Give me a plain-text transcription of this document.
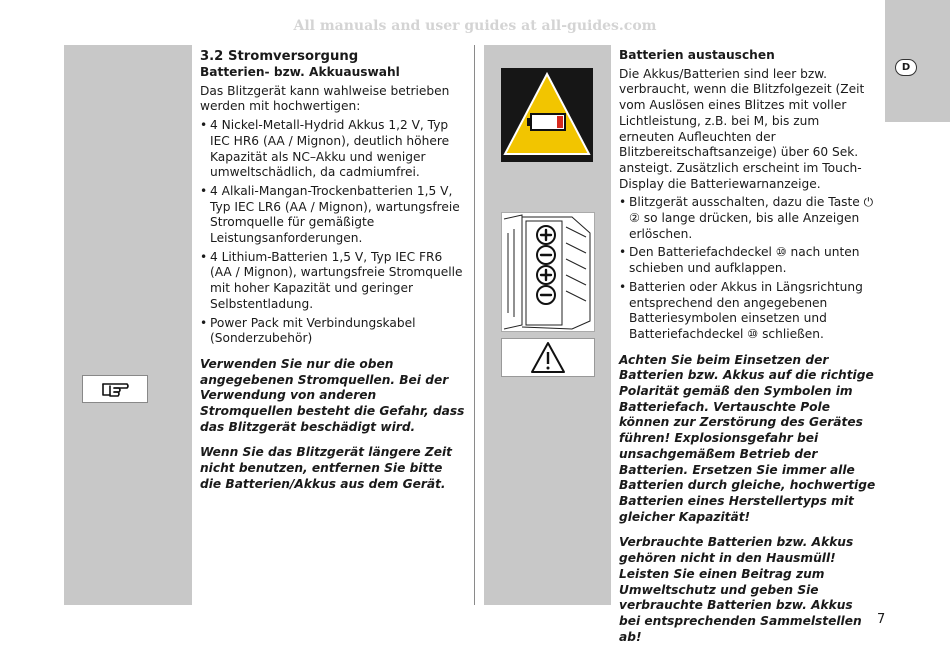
All manuals and user guides at all-guides.com
D

3.2 Stromversorgung

Batterien- bzw. Akkuauswahl

Das Blitzgerät kann wahlweise betrieben werden mit hochwertigen:

• 4 Nickel-Metall-Hydrid Akkus 1,2 V, Typ IEC HR6 (AA / Mignon), deutlich höhere Kapazität als NC–Akku und weniger umweltschädlich, da cadmiumfrei.
• 4 Alkali-Mangan-Trockenbatterien 1,5 V, Typ IEC LR6 (AA / Mignon), wartungsfreie Stromquelle für gemäßigte Leistungsanforderungen.
• 4 Lithium-Batterien 1,5 V, Typ IEC FR6 (AA / Mignon), wartungsfreie Stromquelle mit hoher Kapazität und geringer Selbstentladung.
• Power Pack mit Verbindungskabel (Sonderzubehör)

Verwenden Sie nur die oben angegebenen Stromquellen. Bei der Verwendung von anderen Stromquellen besteht die Gefahr, dass das Blitzgerät beschädigt wird.

Wenn Sie das Blitzgerät längere Zeit nicht benutzen, entfernen Sie bitte die Batterien/Akkus aus dem Gerät.

Batterien austauschen

Die Akkus/Batterien sind leer bzw. verbraucht, wenn die Blitzfolgezeit (Zeit vom Auslösen eines Blitzes mit voller Lichtleistung, z.B. bei M, bis zum erneuten Aufleuchten der Blitzbereitschaftsanzeige) über 60 Sek. ansteigt. Zusätzlich erscheint im Touch-Display die Batteriewarnanzeige.

• Blitzgerät ausschalten, dazu die Taste ⏻ ② so lange drücken, bis alle Anzeigen erlöschen.
• Den Batteriefachdeckel ⑩ nach unten schieben und aufklappen.
• Batterien oder Akkus in Längsrichtung entsprechend den angegebenen Batteriesymbolen einsetzen und Batteriefachdeckel ⑩ schließen.

Achten Sie beim Einsetzen der Batterien bzw. Akkus auf die richtige Polarität gemäß den Symbolen im Batteriefach. Vertauschte Pole können zur Zerstörung des Gerätes führen! Explosionsgefahr bei unsachgemäßem Betrieb der Batterien. Ersetzen Sie immer alle Batterien durch gleiche, hochwertige Batterien eines Herstellertyps mit gleicher Kapazität!

Verbrauchte Batterien bzw. Akkus gehören nicht in den Hausmüll! Leisten Sie einen Beitrag zum Umweltschutz und geben Sie verbrauchte Batterien bzw. Akkus bei entsprechenden Sammelstellen ab!

7
